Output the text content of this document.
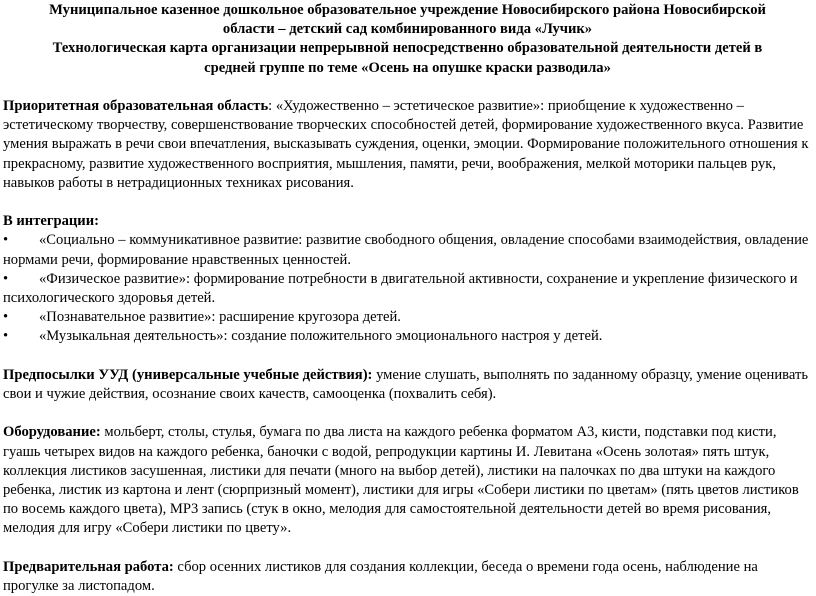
Муниципальное казенное дошкольное образовательное учреждение Новосибирского района Новосибирской
области – детский сад комбинированного вида «Лучик»
Технологическая карта организации непрерывной непосредственно образовательной деятельности детей в
средней группе по теме «Осень на опушке краски разводила»

Приоритетная образовательная область: «Художественно – эстетическое развитие»: приобщение к художественно – эстетическому творчеству, совершенствование творческих способностей детей, формирование художественного вкуса. Развитие умения выражать в речи свои впечатления, высказывать суждения, оценки, эмоции. Формирование положительного отношения к прекрасному, развитие художественного восприятия, мышления, памяти, речи, воображения, мелкой моторики пальцев рук, навыков работы в нетрадиционных техниках рисования.

В интеграции:

• «Социально – коммуникативное развитие: развитие свободного общения, овладение способами взаимодействия, овладение нормами речи, формирование нравственных ценностей.
• «Физическое развитие»: формирование потребности в двигательной активности, сохранение и укрепление физического и психологического здоровья детей.
• «Познавательное развитие»: расширение кругозора детей.
• «Музыкальная деятельность»: создание положительного эмоционального настроя у детей.

Предпосылки УУД (универсальные учебные действия): умение слушать, выполнять по заданному образцу, умение оценивать свои и чужие действия, осознание своих качеств, самооценка (похвалить себя).

Оборудование: мольберт, столы, стулья, бумага по два листа на каждого ребенка форматом А3, кисти, подставки под кисти, гуашь четырех видов на каждого ребенка, баночки с водой, репродукции картины И. Левитана «Осень золотая» пять штук, коллекция листиков засушенная, листики для печати (много на выбор детей), листики на палочках по два штуки на каждого ребенка, листик из картона и лент (сюрпризный момент), листики для игры «Собери листики по цветам» (пять цветов листиков по восемь каждого цвета), MP3 запись (стук в окно, мелодия для самостоятельной деятельности детей во время рисования, мелодия для игру «Собери листики по цвету».

Предварительная работа: сбор осенних листиков для создания коллекции, беседа о времени года осень, наблюдение на прогулке за листопадом.
